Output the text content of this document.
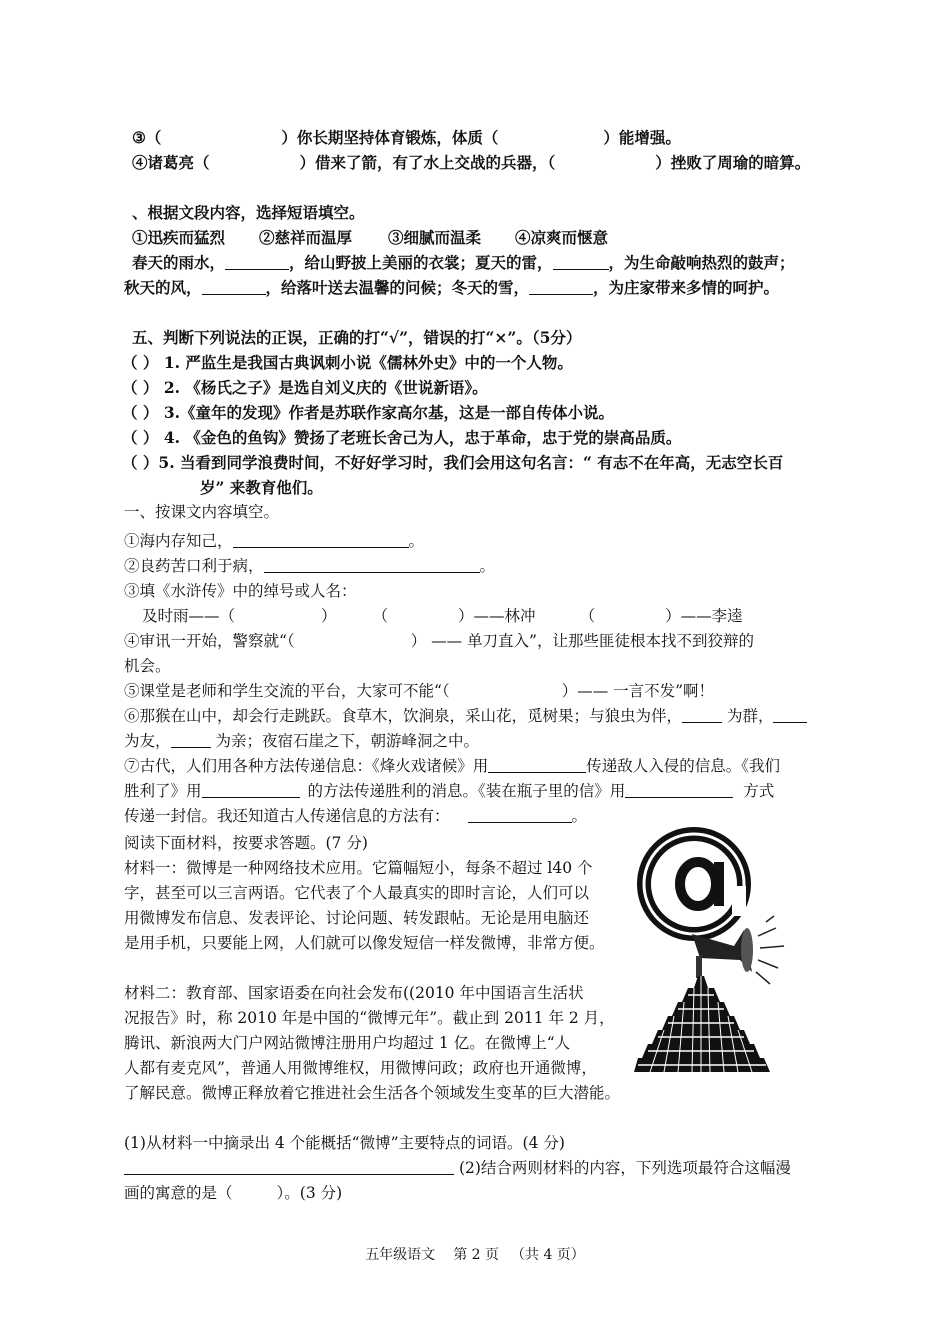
③（	）你长期坚持体育锻炼，体质（	）能增强。
④诸葛亮（	）借来了箭，有了水上交战的兵器，（	）挫败了周瑜的暗算。
、根据文段内容，选择短语填空。
①迅疾而猛烈 ②慈祥而温厚 ③细腻而温柔 ④凉爽而惬意
春天的雨水，	，给山野披上美丽的衣裳；夏天的雷，	，为生命敲响热烈的鼓声；
秋天的风，	，给落叶送去温馨的问候；冬天的雪，	，为庄家带来多情的呵护。
五、判断下列说法的正误，正确的打“√”，错误的打“×”。（5分）
（ ） 1. 严监生是我国古典讽刺小说《儒林外史》中的一个人物。
（ ） 2. 《杨氏之子》是选自刘义庆的《世说新语》。
（ ） 3.《童年的发现》作者是苏联作家高尔基，这是一部自传体小说。
（ ） 4. 《金色的鱼钩》赞扬了老班长舍己为人，忠于革命，忠于党的崇高品质。
（ ）5. 当看到同学浪费时间，不好好学习时，我们会用这句名言：“ 有志不在年高，无志空长百
岁” 来教育他们。
一、按课文内容填空。
①海内存知己，	。
②良药苦口利于病，	。
③填《水浒传》中的绰号或人名：
及时雨——（	） （	）——林冲	（	）——李逵
④审讯一开始，警察就“（	） —— 单刀直入”，让那些匪徒根本找不到狡辩的
机会。
⑤课堂是老师和学生交流的平台，大家可不能“（	）—— 一言不发”啊！
⑥那猴在山中，却会行走跳跃。食草木，饮涧泉，采山花，觅树果；与狼虫为伴，	为群，
为友，	为亲；夜宿石崖之下，朝游峰洞之中。
⑦古代，人们用各种方法传递信息：《烽火戏诸候》用	传递敌人入侵的信息。《我们
胜利了》用	的方法传递胜利的消息。《装在瓶子里的信》用	方式
传递一封信。我还知道古人传递信息的方法有：	。
阅读下面材料，按要求答题。(7 分)
材料一：微博是一种网络技术应用。它篇幅短小，每条不超过 l40 个
字，甚至可以三言两语。它代表了个人最真实的即时言论，人们可以
用微博发布信息、发表评论、讨论问题、转发跟帖。无论是用电脑还
是用手机，只要能上网，人们就可以像发短信一样发微博，非常方便。
材料二：教育部、国家语委在向社会发布((2010 年中国语言生活状
况报告》时，称 2010 年是中国的“微博元年”。截止到 2011 年 2 月，
腾讯、新浪两大门户网站微博注册用户均超过 1 亿。在微博上“人
人都有麦克风”，普通人用微博维权，用微博问政；政府也开通微博，
了解民意。微博正释放着它推进社会生活各个领域发生变革的巨大潜能。
(1)从材料一中摘录出 4 个能概括“微博”主要特点的词语。(4 分)
(2)结合两则材料的内容，下列选项最符合这幅漫
画的寓意的是（	）。(3 分)
五年级语文 第 2 页 （共 4 页）
